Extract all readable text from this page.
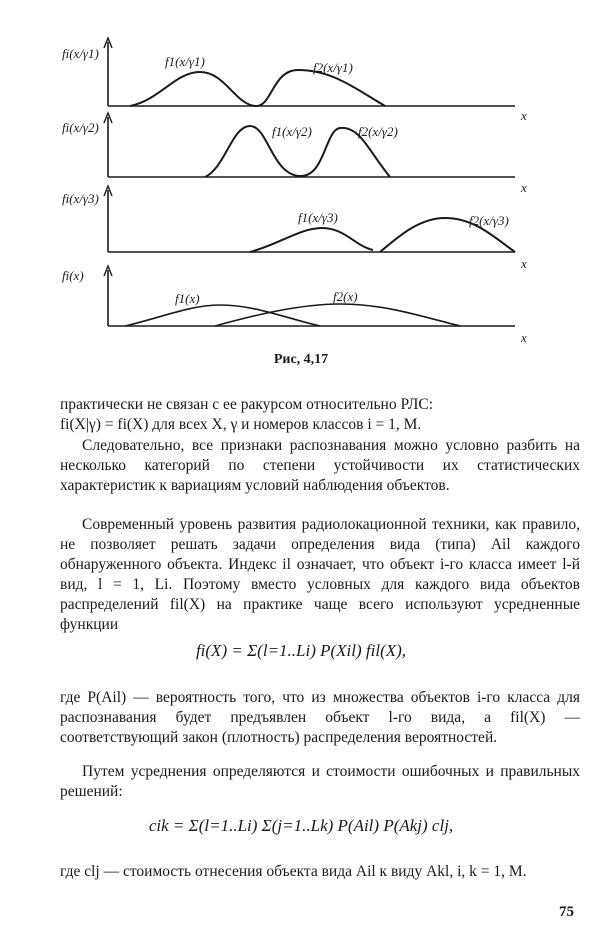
fi(x/γ1)
f1(x/γ1)	f2(x/γ1)
x
fi(x/γ2)	f1(x/γ2)	f2(x/γ2)
x
fi(x/γ3)
f1(x/γ3)	f2(x/γ3)
x
fi(x)
f1(x)	f2(x)
x
Рис, 4,17

практически не связан с ее ракурсом относительно РЛС:
fi(X|γ) = fi(X) для всех X, γ и номеров классов i = 1, M.

Следовательно, все признаки распознавания можно условно разбить на несколько категорий по степени устойчивости их статистических характеристик к вариациям условий наблюдения объектов.

Современный уровень развития радиолокационной техники, как правило, не позволяет решать задачи определения вида (типа) Ail каждого обнаруженного объекта. Индекс il означает, что объект i-го класса имеет l-й вид, l = 1, Li. Поэтому вместо условных для каждого вида объектов распределений fil(X) на практике чаще всего используют усредненные функции

fi(X) = Σ(l=1..Li) P(Xil) fil(X),

где P(Ail) — вероятность того, что из множества объектов i-го класса для распознавания будет предъявлен объект l-го вида, а fil(X) — соответствующий закон (плотность) распределения вероятностей.

Путем усреднения определяются и стоимости ошибочных и правильных решений:

cik = Σ(l=1..Li) Σ(j=1..Lk) P(Ail) P(Akj) clj,

где clj — стоимость отнесения объекта вида Ail к виду Akl, i, k = 1, M.

75
